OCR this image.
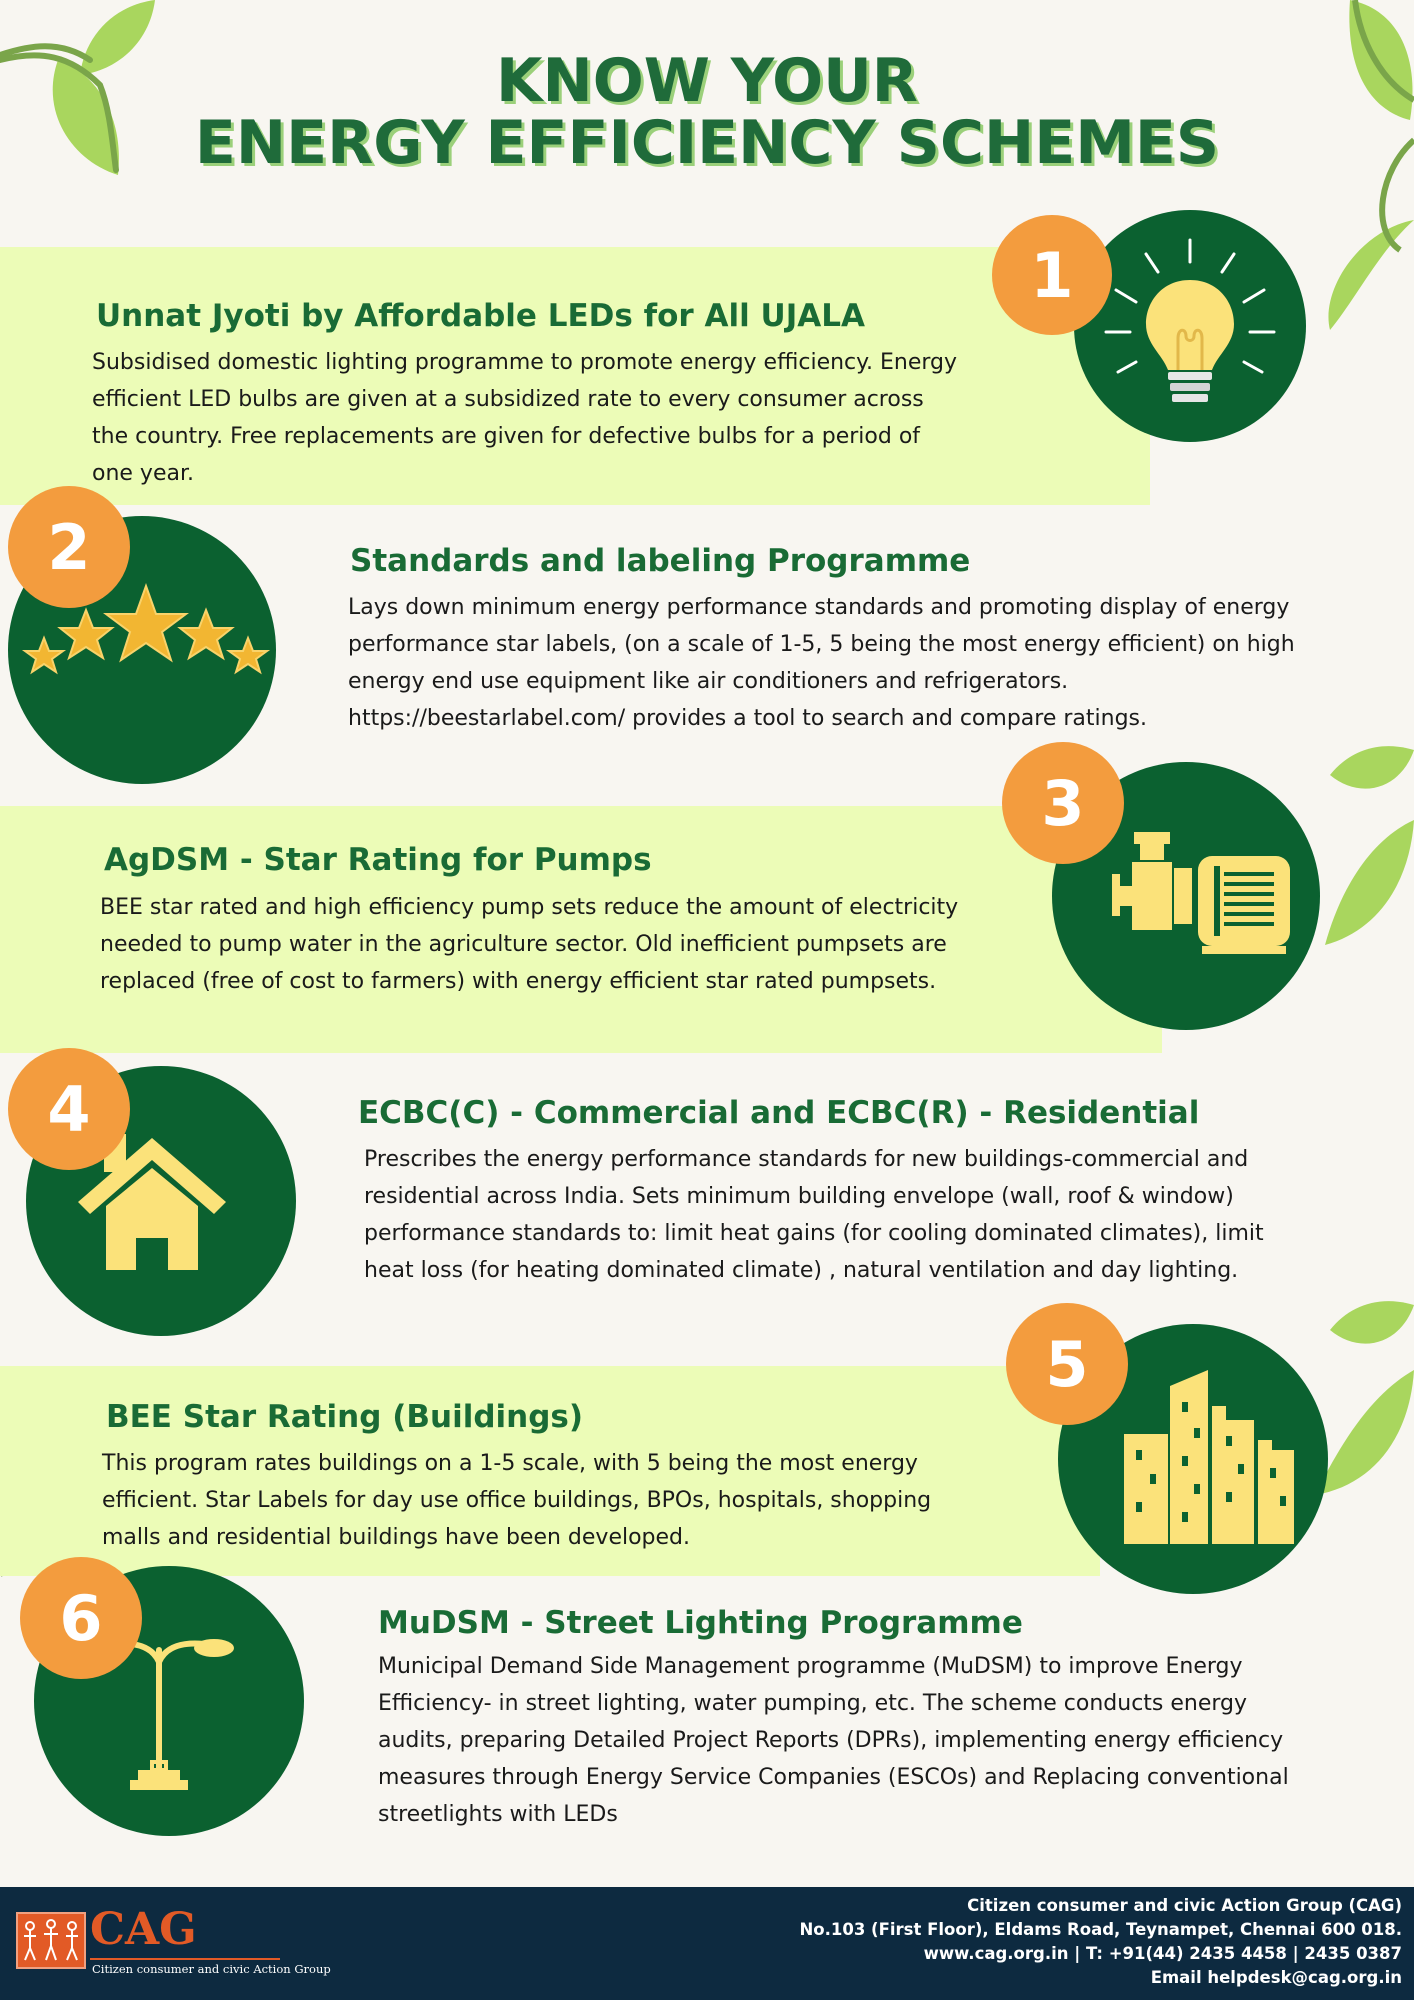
KNOW YOUR
ENERGY EFFICIENCY SCHEMES
1
Unnat Jyoti by Affordable LEDs for All UJALA
Subsidised domestic lighting programme to promote energy efficiency. Energy
efficient LED bulbs are given at a subsidized rate to every consumer across
the country. Free replacements are given for defective bulbs for a period of
one year.
2	Standards and labeling Programme
Lays down minimum energy performance standards and promoting display of energy
performance star labels, (on a scale of 1-5, 5 being the most energy efficient) on high
energy end use equipment like air conditioners and refrigerators.
https://beestarlabel.com/ provides a tool to search and compare ratings.
3
AgDSM - Star Rating for Pumps
BEE star rated and high efficiency pump sets reduce the amount of electricity
needed to pump water in the agriculture sector. Old inefficient pumpsets are
replaced (free of cost to farmers) with energy efficient star rated pumpsets.
4	ECBC(C) - Commercial and ECBC(R) - Residential
Prescribes the energy performance standards for new buildings-commercial and
residential across India. Sets minimum building envelope (wall, roof & window)
performance standards to: limit heat gains (for cooling dominated climates), limit
heat loss (for heating dominated climate) , natural ventilation and day lighting.
5
BEE Star Rating (Buildings)
This program rates buildings on a 1-5 scale, with 5 being the most energy
efficient. Star Labels for day use office buildings, BPOs, hospitals, shopping
malls and residential buildings have been developed.
6	MuDSM - Street Lighting Programme
Municipal Demand Side Management programme (MuDSM) to improve Energy
Efficiency- in street lighting, water pumping, etc. The scheme conducts energy
audits, preparing Detailed Project Reports (DPRs), implementing energy efficiency
measures through Energy Service Companies (ESCOs) and Replacing conventional
streetlights with LEDs
CAG
Citizen consumer and civic Action Group
Citizen consumer and civic Action Group (CAG)
No.103 (First Floor), Eldams Road, Teynampet, Chennai 600 018.
www.cag.org.in | T: +91(44) 2435 4458 | 2435 0387
Email helpdesk@cag.org.in
